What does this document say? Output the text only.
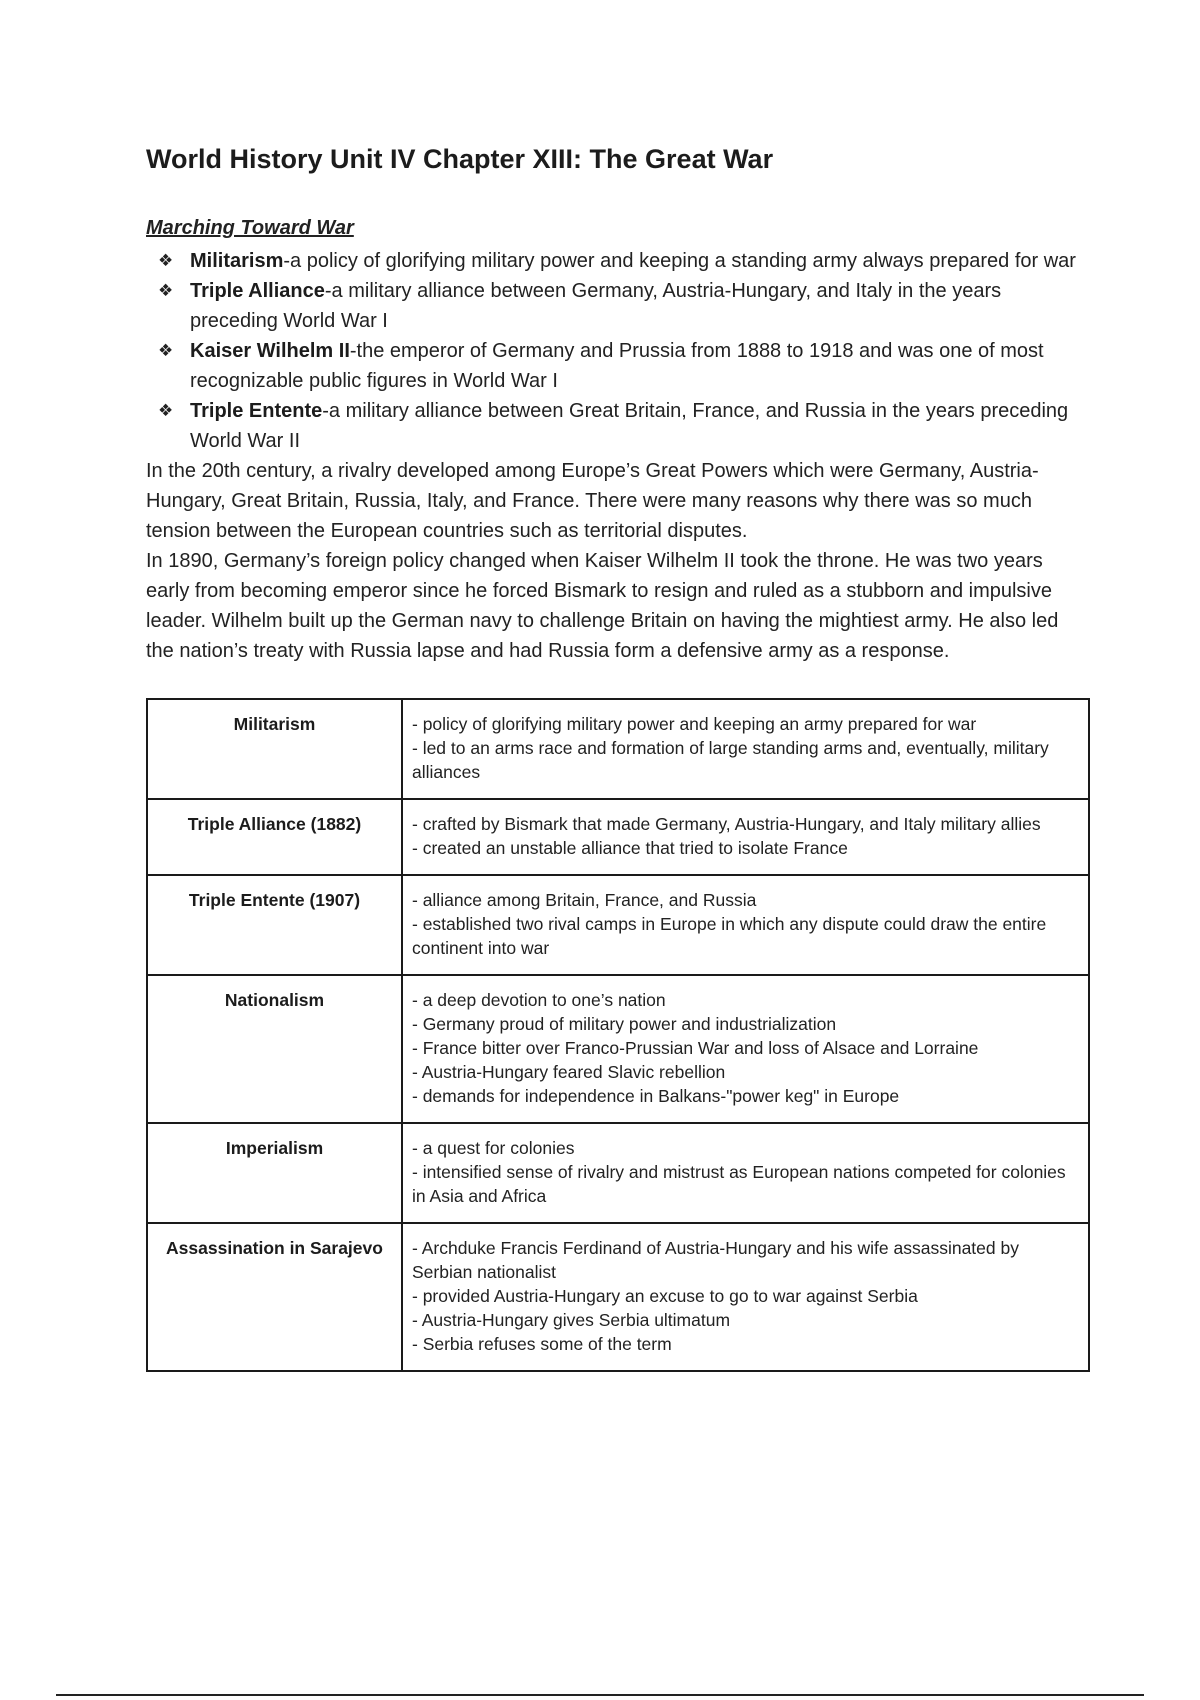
World History Unit IV Chapter XIII: The Great War
Marching Toward War
❖ Militarism-a policy of glorifying military power and keeping a standing army always prepared for war
❖ Triple Alliance-a military alliance between Germany, Austria-Hungary, and Italy in the years preceding World War I
❖ Kaiser Wilhelm II-the emperor of Germany and Prussia from 1888 to 1918 and was one of most recognizable public figures in World War I
❖ Triple Entente-a military alliance between Great Britain, France, and Russia in the years preceding World War II

In the 20th century, a rivalry developed among Europe’s Great Powers which were Germany, Austria-Hungary, Great Britain, Russia, Italy, and France. There were many reasons why there was so much tension between the European countries such as territorial disputes.

In 1890, Germany’s foreign policy changed when Kaiser Wilhelm II took the throne. He was two years early from becoming emperor since he forced Bismark to resign and ruled as a stubborn and impulsive leader. Wilhelm built up the German navy to challenge Britain on having the mightiest army. He also led the nation’s treaty with Russia lapse and had Russia form a defensive army as a response.

Militarism	- policy of glorifying military power and keeping an army prepared for war
- led to an arms race and formation of large standing arms and, eventually, military alliances

Triple Alliance (1882)	- crafted by Bismark that made Germany, Austria-Hungary, and Italy military allies
- created an unstable alliance that tried to isolate France

Triple Entente (1907)	- alliance among Britain, France, and Russia
- established two rival camps in Europe in which any dispute could draw the entire continent into war

Nationalism	- a deep devotion to one’s nation
- Germany proud of military power and industrialization
- France bitter over Franco-Prussian War and loss of Alsace and Lorraine
- Austria-Hungary feared Slavic rebellion
- demands for independence in Balkans-"power keg" in Europe

Imperialism	- a quest for colonies
- intensified sense of rivalry and mistrust as European nations competed for colonies in Asia and Africa

Assassination in Sarajevo	- Archduke Francis Ferdinand of Austria-Hungary and his wife assassinated by Serbian nationalist
- provided Austria-Hungary an excuse to go to war against Serbia
- Austria-Hungary gives Serbia ultimatum
- Serbia refuses some of the term
